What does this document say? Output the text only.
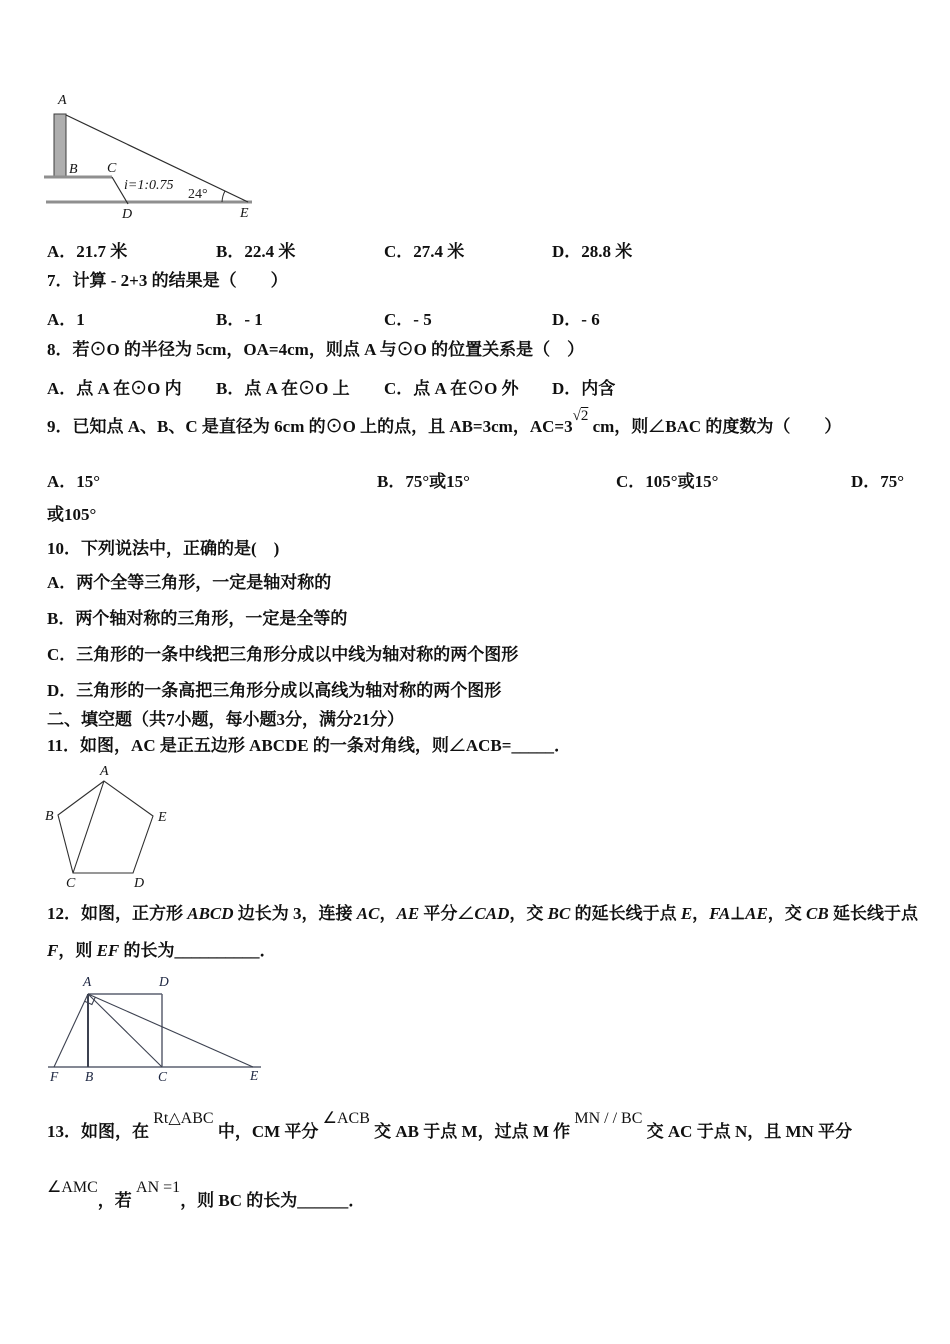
A
B C
D	E
i=1:0.75
24°
A．21.7 米	B．22.4 米	C．27.4 米	D．28.8 米
7．计算 - 2+3 的结果是（　　）
A．1	B．- 1	C．- 5	D．- 6
8．若⊙O 的半径为 5cm，OA=4cm，则点 A 与⊙O 的位置关系是（　）
A．点 A 在⊙O 内 B．点 A 在⊙O 上 C．点 A 在⊙O 外 D．内含
9．已知点 A、B、C 是直径为 6cm 的⊙O 上的点，且 AB=3cm，AC=3√2 cm，则∠BAC 的度数为（　　）
A．15°	B．75°或15°	C．105°或15°	D．75°
或105°
10．下列说法中，正确的是(　)
A．两个全等三角形，一定是轴对称的
B．两个轴对称的三角形，一定是全等的
C．三角形的一条中线把三角形分成以中线为轴对称的两个图形
D．三角形的一条高把三角形分成以高线为轴对称的两个图形
二、填空题（共7小题，每小题3分，满分21分）
11．如图，AC 是正五边形 ABCDE 的一条对角线，则∠ACB=_____．
A
B
C	D
E
12．如图，正方形 ABCD 边长为 3，连接 AC，AE 平分∠CAD，交 BC 的延长线于点 E，FA⊥AE，交 CB 延长线于点
F，则 EF 的长为__________．
A	D
F B	C	E
13．如图，在 Rt△ABC 中，CM 平分 ∠ACB 交 AB 于点 M，过点 M 作 MN / / BC 交 AC 于点 N，且 MN 平分
∠AMC，若 AN =1，则 BC 的长为______．
